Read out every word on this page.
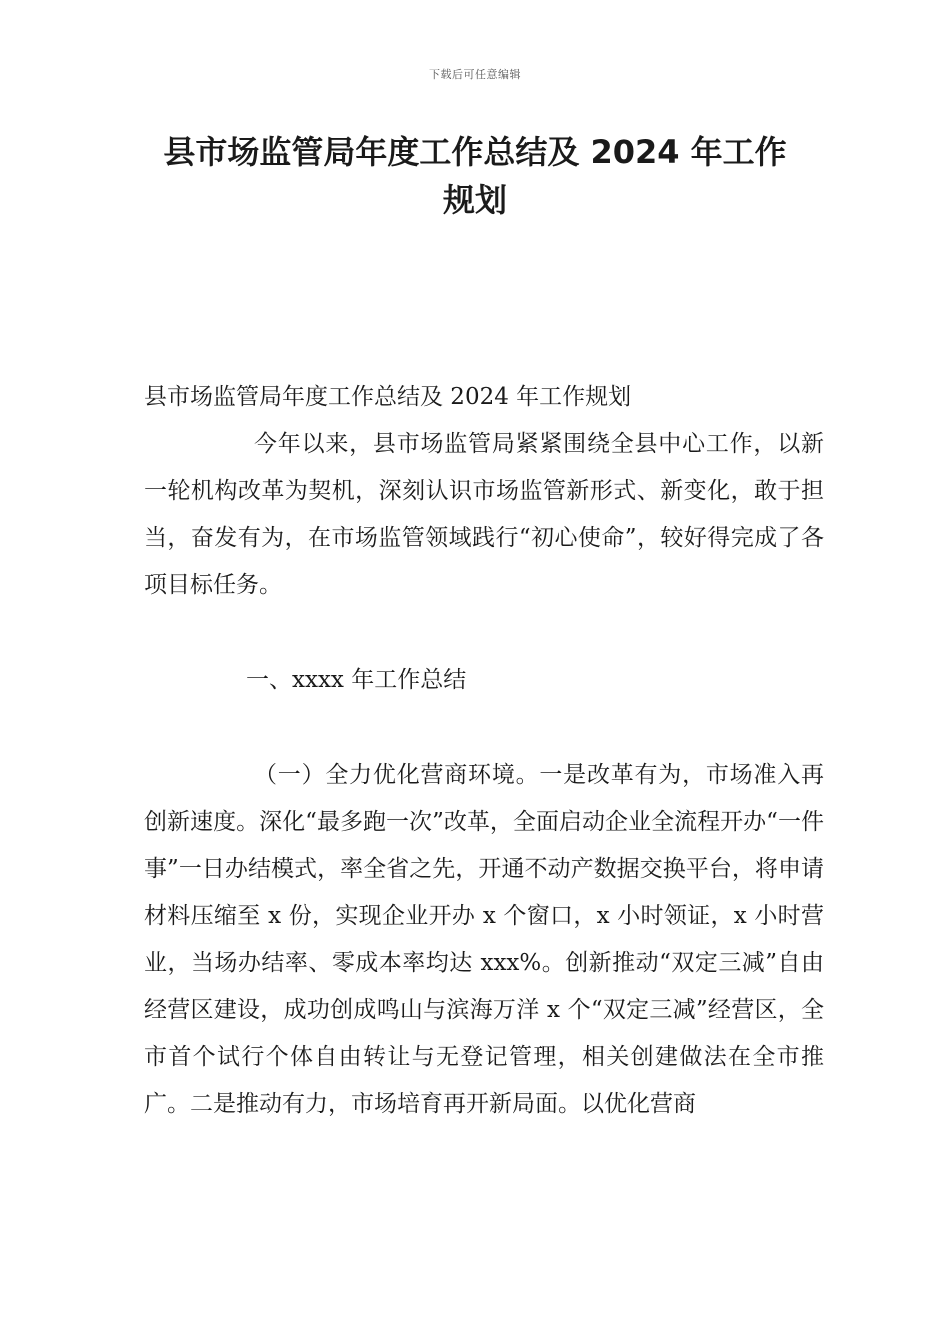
下载后可任意编辑
县市场监管局年度工作总结及 2024 年工作
规划

县市场监管局年度工作总结及 2024 年工作规划

今年以来，县市场监管局紧紧围绕全县中心工作，以新一轮机构改革为契机，深刻认识市场监管新形式、新变化，敢于担当，奋发有为，在市场监管领域践行“初心使命”，较好得完成了各项目标任务。

一、xxxx 年工作总结

（一）全力优化营商环境。一是改革有为，市场准入再创新速度。深化“最多跑一次”改革，全面启动企业全流程开办“一件事”一日办结模式，率全省之先，开通不动产数据交换平台，将申请材料压缩至 x 份，实现企业开办 x 个窗口，x 小时领证，x 小时营业，当场办结率、零成本率均达 xxx%。创新推动“双定三减”自由经营区建设，成功创成鸣山与滨海万洋 x 个“双定三减”经营区，全市首个试行个体自由转让与无登记管理，相关创建做法在全市推广。二是推动有力，市场培育再开新局面。以优化营商
